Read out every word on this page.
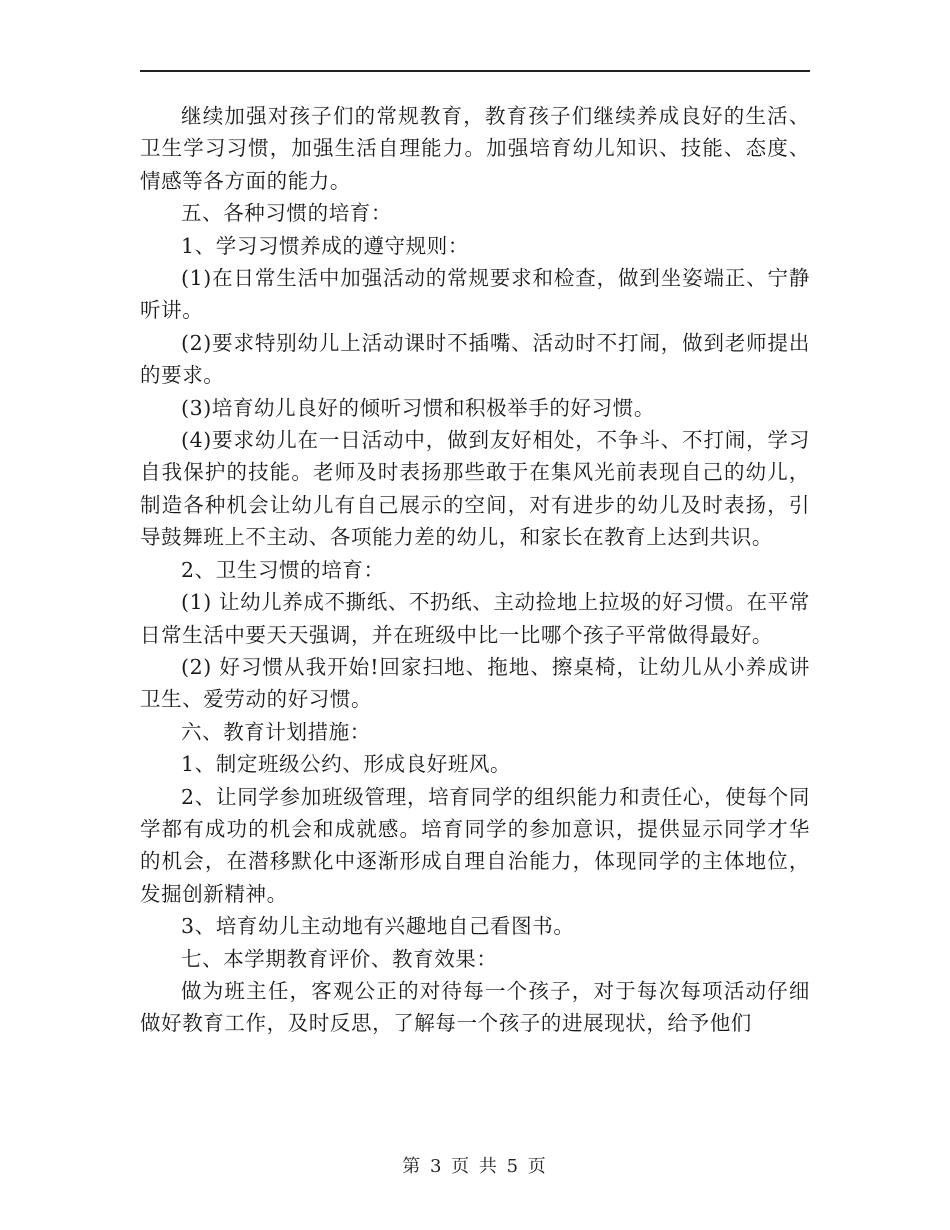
继续加强对孩子们的常规教育，教育孩子们继续养成良好的生活、卫生学习习惯，加强生活自理能力。加强培育幼儿知识、技能、态度、情感等各方面的能力。

五、各种习惯的培育：

1、学习习惯养成的遵守规则：

(1)在日常生活中加强活动的常规要求和检查，做到坐姿端正、宁静听讲。

(2)要求特别幼儿上活动课时不插嘴、活动时不打闹，做到老师提出的要求。

(3)培育幼儿良好的倾听习惯和积极举手的好习惯。

(4)要求幼儿在一日活动中，做到友好相处，不争斗、不打闹，学习自我保护的技能。老师及时表扬那些敢于在集风光前表现自己的幼儿，制造各种机会让幼儿有自己展示的空间，对有进步的幼儿及时表扬，引导鼓舞班上不主动、各项能力差的幼儿，和家长在教育上达到共识。

2、卫生习惯的培育：

(1) 让幼儿养成不撕纸、不扔纸、主动捡地上拉圾的好习惯。在平常日常生活中要天天强调，并在班级中比一比哪个孩子平常做得最好。

(2) 好习惯从我开始!回家扫地、拖地、擦桌椅，让幼儿从小养成讲卫生、爱劳动的好习惯。

六、教育计划措施：

1、制定班级公约、形成良好班风。

2、让同学参加班级管理，培育同学的组织能力和责任心，使每个同学都有成功的机会和成就感。培育同学的参加意识，提供显示同学才华的机会，在潜移默化中逐渐形成自理自治能力，体现同学的主体地位，发掘创新精神。

3、培育幼儿主动地有兴趣地自己看图书。

七、本学期教育评价、教育效果：

做为班主任，客观公正的对待每一个孩子，对于每次每项活动仔细做好教育工作，及时反思，了解每一个孩子的进展现状，给予他们

第 3 页 共 5 页
